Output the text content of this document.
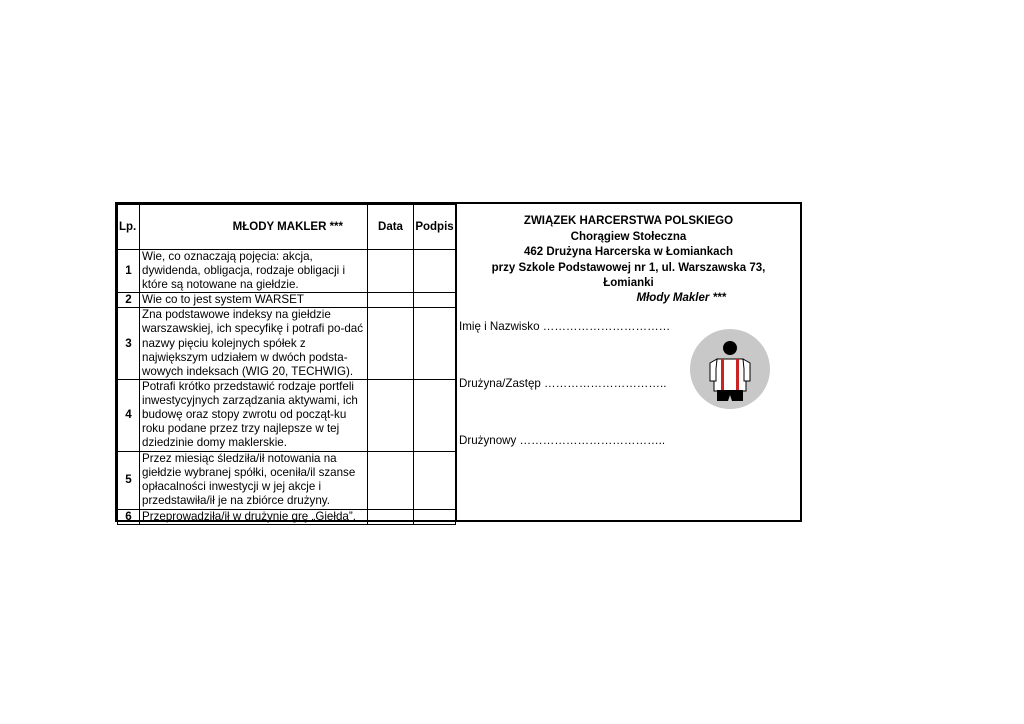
Lp.	MŁODY MAKLER ***	Data	Podpis
1	Wie, co oznaczają pojęcia: akcja,
dywidenda, obligacja, rodzaje obligacji i
które są notowane na giełdzie.		

2	Wie co to jest system WARSET		

3	Zna podstawowe indeksy na giełdzie
warszawskiej, ich specyfikę i potrafi po-dać
nazwy pięciu kolejnych spółek z
największym udziałem w dwóch podsta-
wowych indeksach (WIG 20, TECHWIG).		

4	Potrafi krótko przedstawić rodzaje portfeli
inwestycyjnych zarządzania aktywami, ich
budowę oraz stopy zwrotu od począt-ku
roku podane przez trzy najlepsze w tej
dziedzinie domy maklerskie.		

5	Przez miesiąc śledziła/ił notowania na
giełdzie wybranej spółki, oceniła/il szanse
opłacalności inwestycji w jej akcje i
przedstawiła/ił je na zbiórce drużyny.		

6	Przeprowadziła/ił w drużynie grę „Giełda”.		

ZWIĄZEK HARCERSTWA POLSKIEGO
Chorągiew Stołeczna
462 Drużyna Harcerska w Łomiankach
przy Szkole Podstawowej nr 1, ul. Warszawska 73,
Łomianki
Młody Makler ***
Imię i Nazwisko ……………………………
Drużyna/Zastęp …………………………..
Drużynowy ………………………………..
